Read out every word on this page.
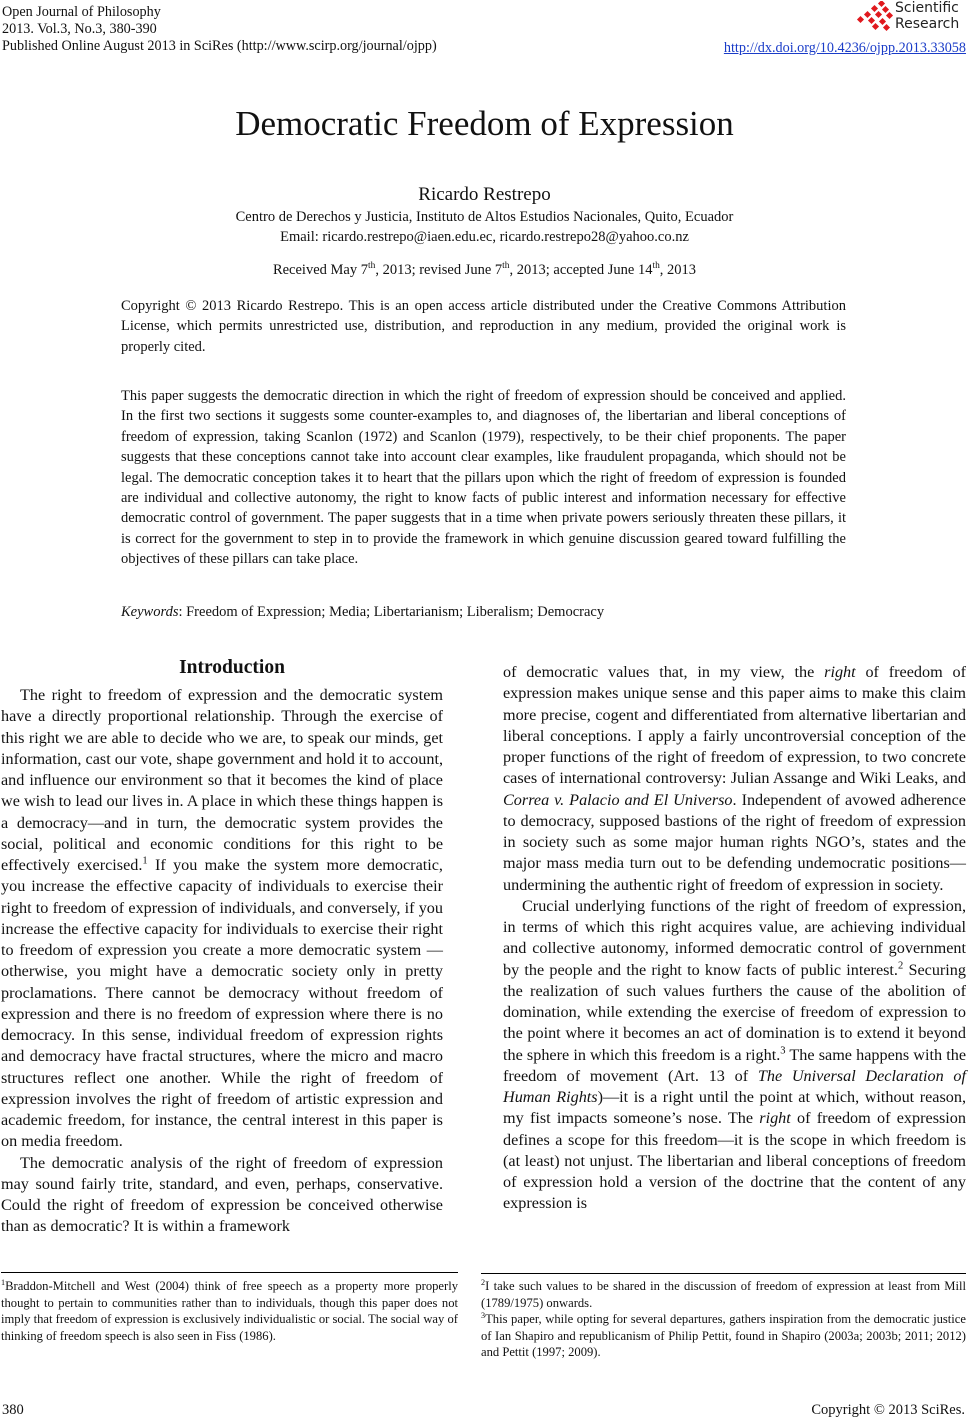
Open Journal of Philosophy
2013. Vol.3, No.3, 380-390
Published Online August 2013 in SciRes (http://www.scirp.org/journal/ojpp)
Scientific
Research
http://dx.doi.org/10.4236/ojpp.2013.33058
Democratic Freedom of Expression
Ricardo Restrepo
Centro de Derechos y Justicia, Instituto de Altos Estudios Nacionales, Quito, Ecuador
Email: ricardo.restrepo@iaen.edu.ec, ricardo.restrepo28@yahoo.co.nz
Received May 7th, 2013; revised June 7th, 2013; accepted June 14th, 2013
Copyright © 2013 Ricardo Restrepo. This is an open access article distributed under the Creative Commons Attribution License, which permits unrestricted use, distribution, and reproduction in any medium, provided the original work is properly cited.
This paper suggests the democratic direction in which the right of freedom of expression should be conceived and applied. In the first two sections it suggests some counter-examples to, and diagnoses of, the libertarian and liberal conceptions of freedom of expression, taking Scanlon (1972) and Scanlon (1979), respectively, to be their chief proponents. The paper suggests that these conceptions cannot take into account clear examples, like fraudulent propaganda, which should not be legal. The democratic conception takes it to heart that the pillars upon which the right of freedom of expression is founded are individual and collective autonomy, the right to know facts of public interest and information necessary for effective democratic control of government. The paper suggests that in a time when private powers seriously threaten these pillars, it is correct for the government to step in to provide the framework in which genuine discussion geared toward fulfilling the objectives of these pillars can take place.
Keywords: Freedom of Expression; Media; Libertarianism; Liberalism; Democracy
Introduction

The right to freedom of expression and the democratic system have a directly proportional relationship. Through the exercise of this right we are able to decide who we are, to speak our minds, get information, cast our vote, shape government and hold it to account, and influence our environment so that it becomes the kind of place we wish to lead our lives in. A place in which these things happen is a democracy—and in turn, the democratic system provides the social, political and economic conditions for this right to be effectively exercised.$^1$ If you make the system more democratic, you increase the effective capacity of individuals to exercise their right to freedom of expression of individuals, and conversely, if you increase the effective capacity for individuals to exercise their right to freedom of expression you create a more democratic system —otherwise, you might have a democratic society only in pretty proclamations. There cannot be democracy without freedom of expression and there is no freedom of expression where there is no democracy. In this sense, individual freedom of expression rights and democracy have fractal structures, where the micro and macro structures reflect one another. While the right of freedom of expression involves the right of freedom of artistic expression and academic freedom, for instance, the central interest in this paper is on media freedom.

The democratic analysis of the right of freedom of expression may sound fairly trite, standard, and even, perhaps, conservative. Could the right of freedom of expression be conceived otherwise than as democratic? It is within a framework

of democratic values that, in my view, the right of freedom of expression makes unique sense and this paper aims to make this claim more precise, cogent and differentiated from alternative libertarian and liberal conceptions. I apply a fairly uncontroversial conception of the proper functions of the right of freedom of expression, to two concrete cases of international controversy: Julian Assange and Wiki Leaks, and Correa v. Palacio and El Universo. Independent of avowed adherence to democracy, supposed bastions of the right of freedom of expression in society such as some major human rights NGO’s, states and the major mass media turn out to be defending undemocratic positions—undermining the authentic right of freedom of expression in society.

Crucial underlying functions of the right of freedom of expression, in terms of which this right acquires value, are achieving individual and collective autonomy, informed democratic control of government by the people and the right to know facts of public interest.$^2$ Securing the realization of such values furthers the cause of the abolition of domination, while extending the exercise of freedom of expression to the point where it becomes an act of domination is to extend it beyond the sphere in which this freedom is a right.$^3$ The same happens with the freedom of movement (Art. 13 of The Universal Declaration of Human Rights)—it is a right until the point at which, without reason, my fist impacts someone’s nose. The right of freedom of expression defines a scope for this freedom—it is the scope in which freedom is (at least) not unjust. The libertarian and liberal conceptions of freedom of expression hold a version of the doctrine that the content of any expression is

$^1$Braddon-Mitchell and West (2004) think of free speech as a property more properly thought to pertain to communities rather than to individuals, though this paper does not imply that freedom of expression is exclusively individualistic or social. The social way of thinking of freedom speech is also seen in Fiss (1986).
$^2$I take such values to be shared in the discussion of freedom of expression at least from Mill (1789/1975) onwards.
$^3$This paper, while opting for several departures, gathers inspiration from the democratic justice of Ian Shapiro and republicanism of Philip Pettit, found in Shapiro (2003a; 2003b; 2011; 2012) and Pettit (1997; 2009).
380	Copyright © 2013 SciRes.
